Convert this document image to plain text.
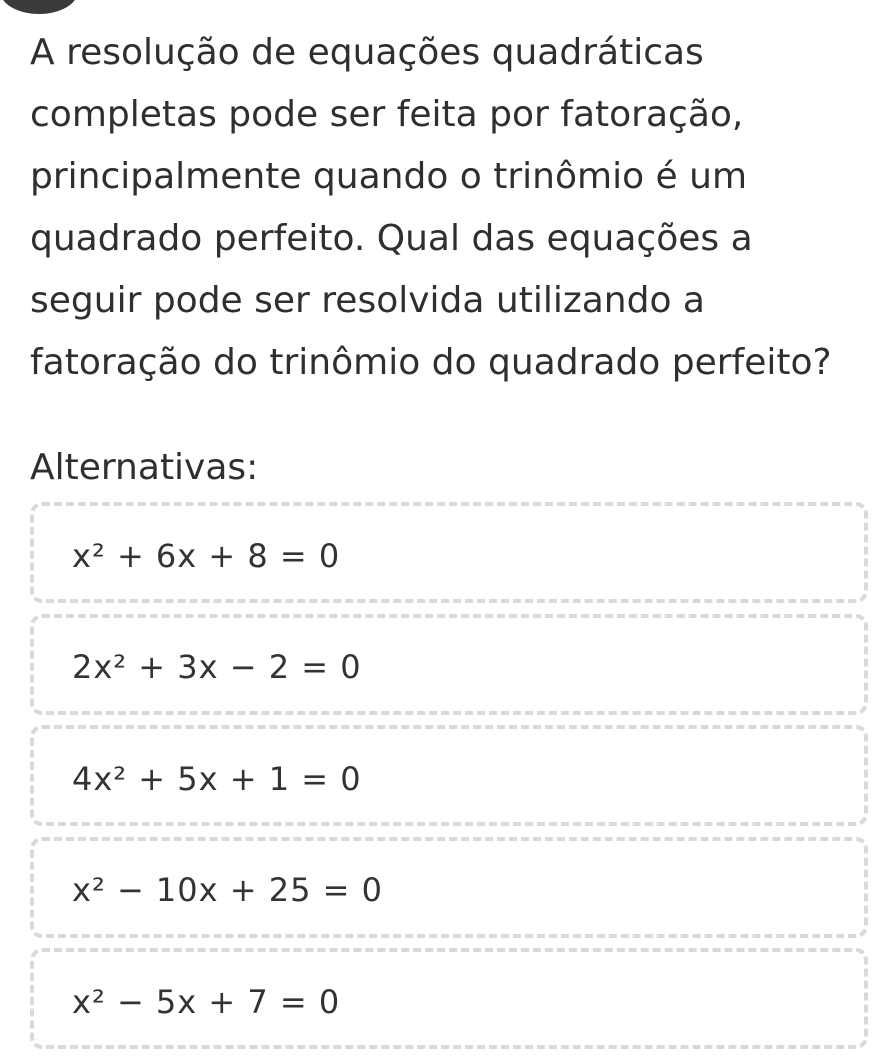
A resolução de equações quadráticas completas pode ser feita por fatoração, principalmente quando o trinômio é um quadrado perfeito. Qual das equações a seguir pode ser resolvida utilizando a fatoração do trinômio do quadrado perfeito?

Alternativas:

x² + 6x + 8 = 0
2x² + 3x − 2 = 0
4x² + 5x + 1 = 0
x² − 10x + 25 = 0
x² − 5x + 7 = 0
